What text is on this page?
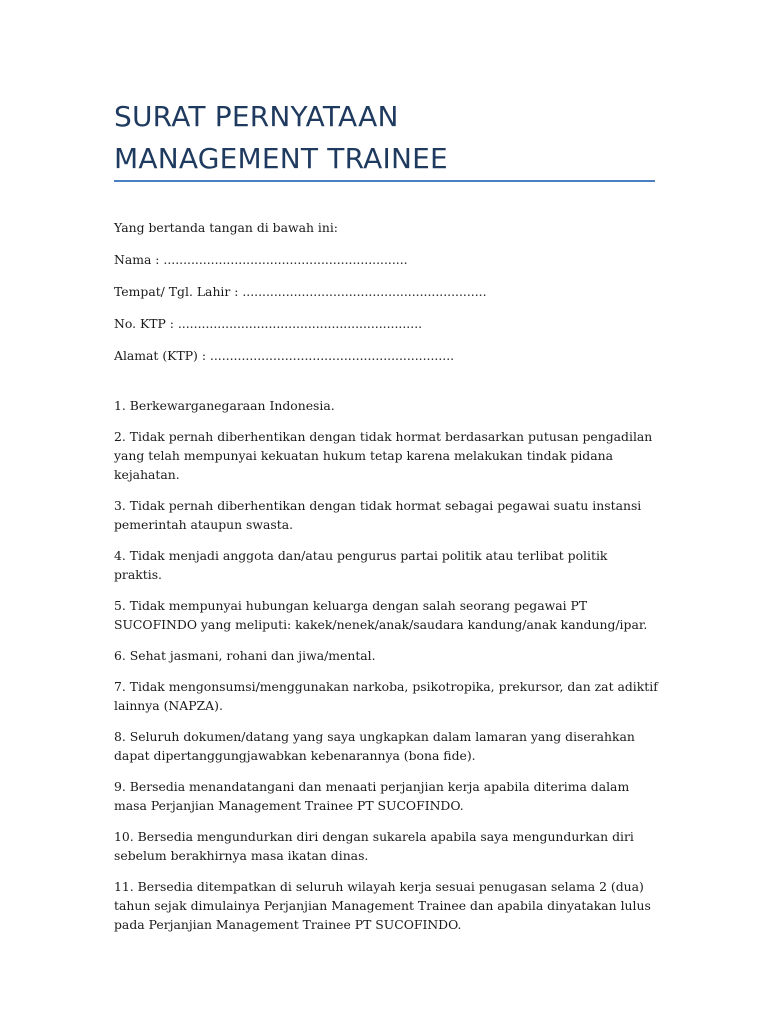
SURAT PERNYATAAN
MANAGEMENT TRAINEE

Yang bertanda tangan di bawah ini:

Nama : ..............................................................

Tempat/ Tgl. Lahir : ..............................................................

No. KTP : ..............................................................

Alamat (KTP) : ..............................................................

1. Berkewarganegaraan Indonesia.

2. Tidak pernah diberhentikan dengan tidak hormat berdasarkan putusan pengadilan yang telah mempunyai kekuatan hukum tetap karena melakukan tindak pidana kejahatan.

3. Tidak pernah diberhentikan dengan tidak hormat sebagai pegawai suatu instansi pemerintah ataupun swasta.

4. Tidak menjadi anggota dan/atau pengurus partai politik atau terlibat politik praktis.

5. Tidak mempunyai hubungan keluarga dengan salah seorang pegawai PT SUCOFINDO yang meliputi: kakek/nenek/anak/saudara kandung/anak kandung/ipar.

6. Sehat jasmani, rohani dan jiwa/mental.

7. Tidak mengonsumsi/menggunakan narkoba, psikotropika, prekursor, dan zat adiktif lainnya (NAPZA).

8. Seluruh dokumen/datang yang saya ungkapkan dalam lamaran yang diserahkan dapat dipertanggungjawabkan kebenarannya (bona fide).

9. Bersedia menandatangani dan menaati perjanjian kerja apabila diterima dalam masa Perjanjian Management Trainee PT SUCOFINDO.

10. Bersedia mengundurkan diri dengan sukarela apabila saya mengundurkan diri sebelum berakhirnya masa ikatan dinas.

11. Bersedia ditempatkan di seluruh wilayah kerja sesuai penugasan selama 2 (dua) tahun sejak dimulainya Perjanjian Management Trainee dan apabila dinyatakan lulus pada Perjanjian Management Trainee PT SUCOFINDO.
